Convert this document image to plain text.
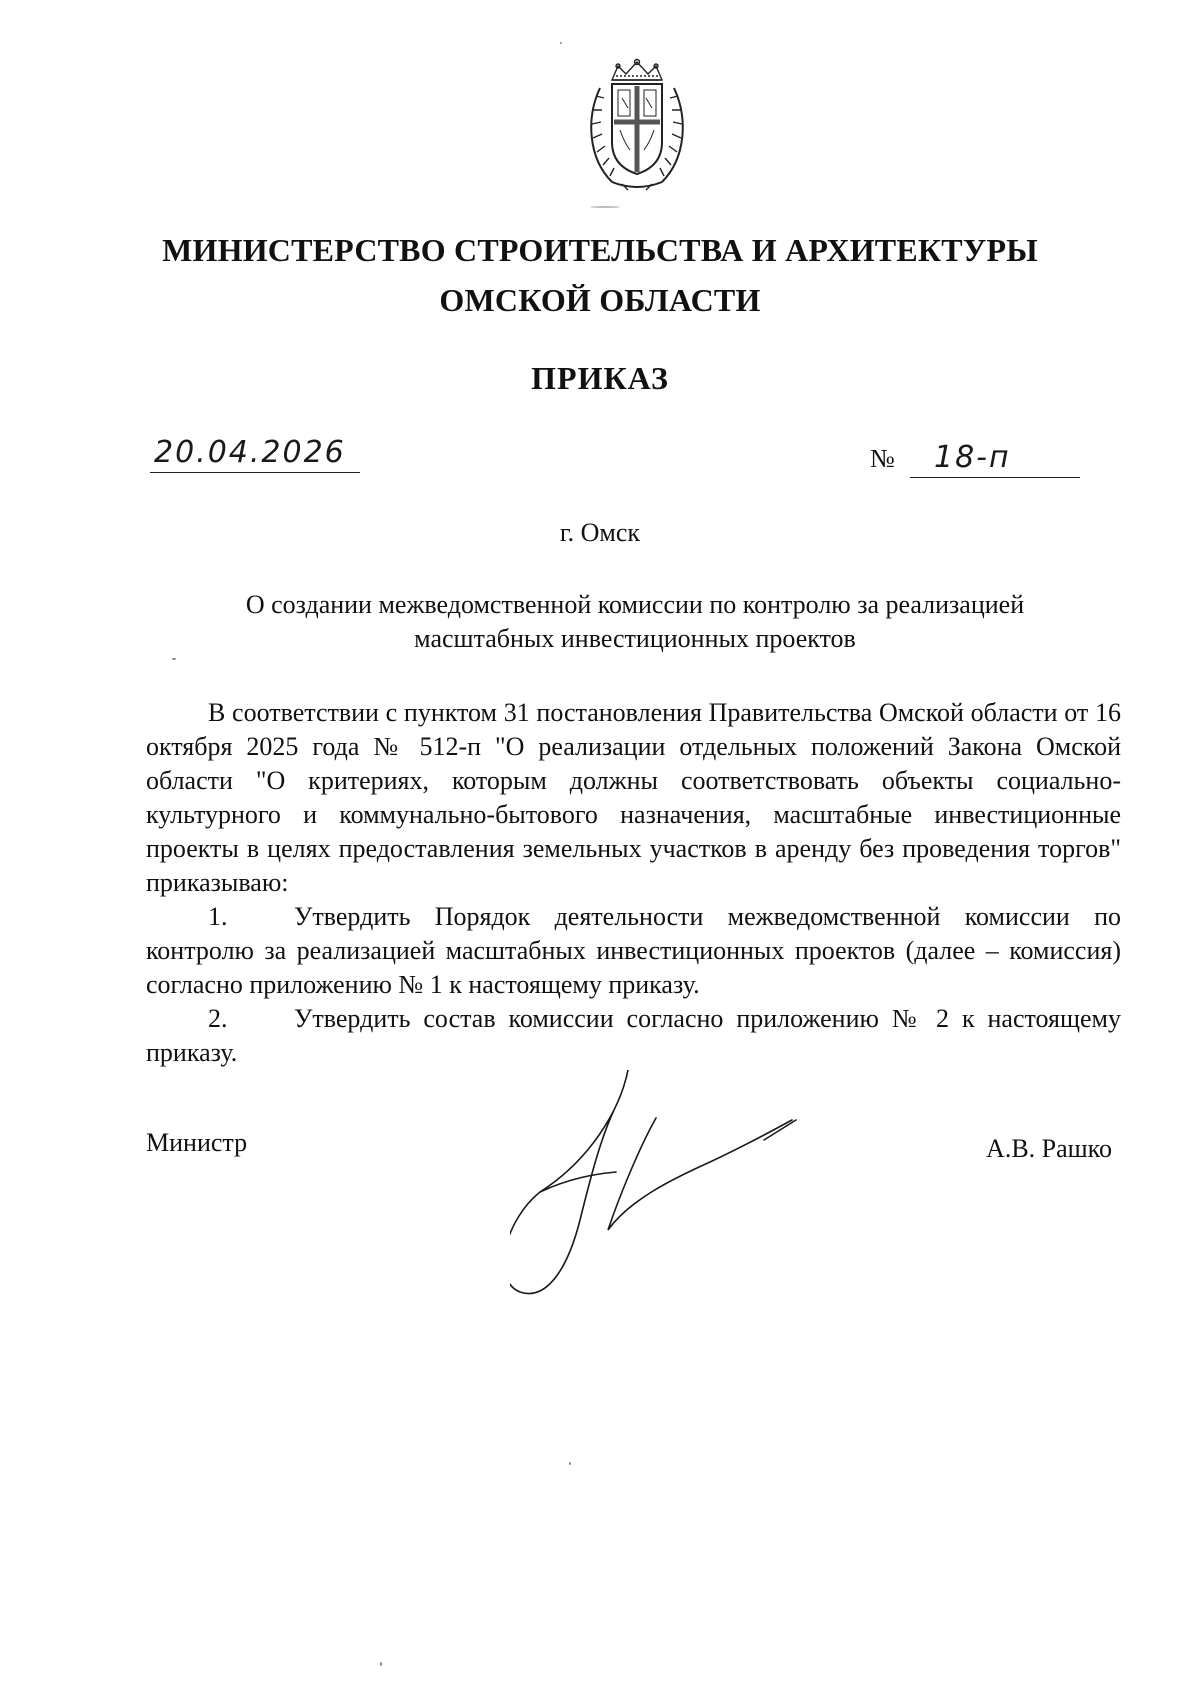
МИНИСТЕРСТВО СТРОИТЕЛЬСТВА И АРХИТЕКТУРЫ
ОМСКОЙ ОБЛАСТИ
ПРИКАЗ
20.04.2026	№ 18-п
г. Омск
О создании межведомственной комиссии по контролю за реализацией
масштабных инвестиционных проектов

В соответствии с пунктом 31 постановления Правительства Омской области от 16 октября 2025 года № 512-п "О реализации отдельных положений Закона Омской области "О критериях, которым должны соответствовать объекты социально-культурного и коммунально-бытового назначения, масштабные инвестиционные проекты в целях предоставления земельных участков в аренду без проведения торгов" приказываю:

1.	Утвердить Порядок деятельности межведомственной комиссии по контролю за реализацией масштабных инвестиционных проектов (далее – комиссия) согласно приложению № 1 к настоящему приказу.

2.	Утвердить состав комиссии согласно приложению № 2 к настоящему приказу.

Министр	А.В. Рашко
